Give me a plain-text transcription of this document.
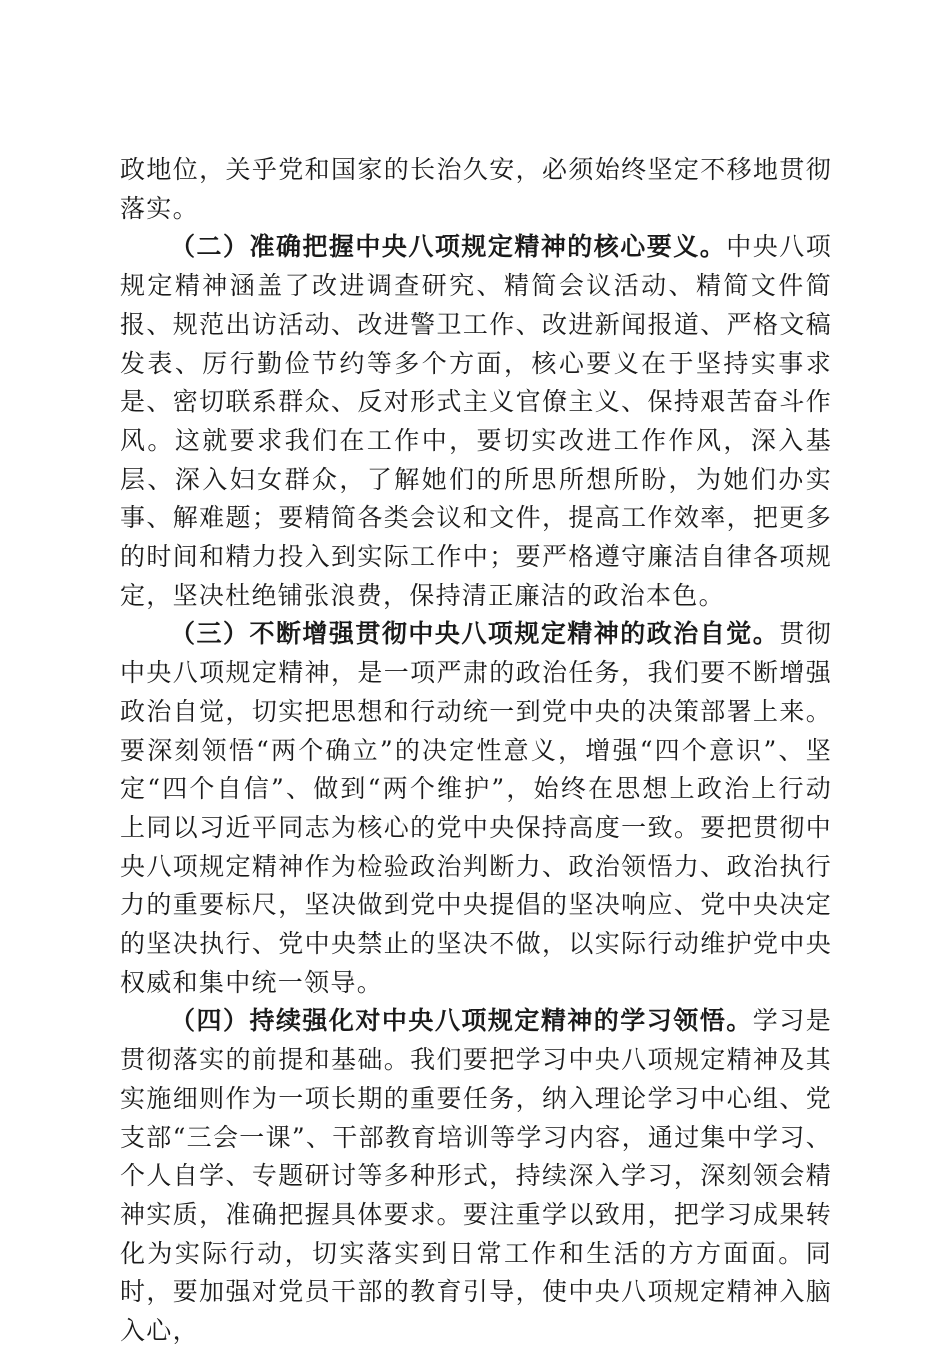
政地位，关乎党和国家的长治久安，必须始终坚定不移地贯彻落实。

（二）准确把握中央八项规定精神的核心要义。中央八项规定精神涵盖了改进调查研究、精简会议活动、精简文件简报、规范出访活动、改进警卫工作、改进新闻报道、严格文稿发表、厉行勤俭节约等多个方面，核心要义在于坚持实事求是、密切联系群众、反对形式主义官僚主义、保持艰苦奋斗作风。这就要求我们在工作中，要切实改进工作作风，深入基层、深入妇女群众，了解她们的所思所想所盼，为她们办实事、解难题；要精简各类会议和文件，提高工作效率，把更多的时间和精力投入到实际工作中；要严格遵守廉洁自律各项规定，坚决杜绝铺张浪费，保持清正廉洁的政治本色。

（三）不断增强贯彻中央八项规定精神的政治自觉。贯彻中央八项规定精神，是一项严肃的政治任务，我们要不断增强政治自觉，切实把思想和行动统一到党中央的决策部署上来。要深刻领悟“两个确立”的决定性意义，增强“四个意识”、坚定“四个自信”、做到“两个维护”，始终在思想上政治上行动上同以习近平同志为核心的党中央保持高度一致。要把贯彻中央八项规定精神作为检验政治判断力、政治领悟力、政治执行力的重要标尺，坚决做到党中央提倡的坚决响应、党中央决定的坚决执行、党中央禁止的坚决不做，以实际行动维护党中央权威和集中统一领导。

（四）持续强化对中央八项规定精神的学习领悟。学习是贯彻落实的前提和基础。我们要把学习中央八项规定精神及其实施细则作为一项长期的重要任务，纳入理论学习中心组、党支部“三会一课”、干部教育培训等学习内容，通过集中学习、个人自学、专题研讨等多种形式，持续深入学习，深刻领会精神实质，准确把握具体要求。要注重学以致用，把学习成果转化为实际行动，切实落实到日常工作和生活的方方面面。同时，要加强对党员干部的教育引导，使中央八项规定精神入脑入心，
